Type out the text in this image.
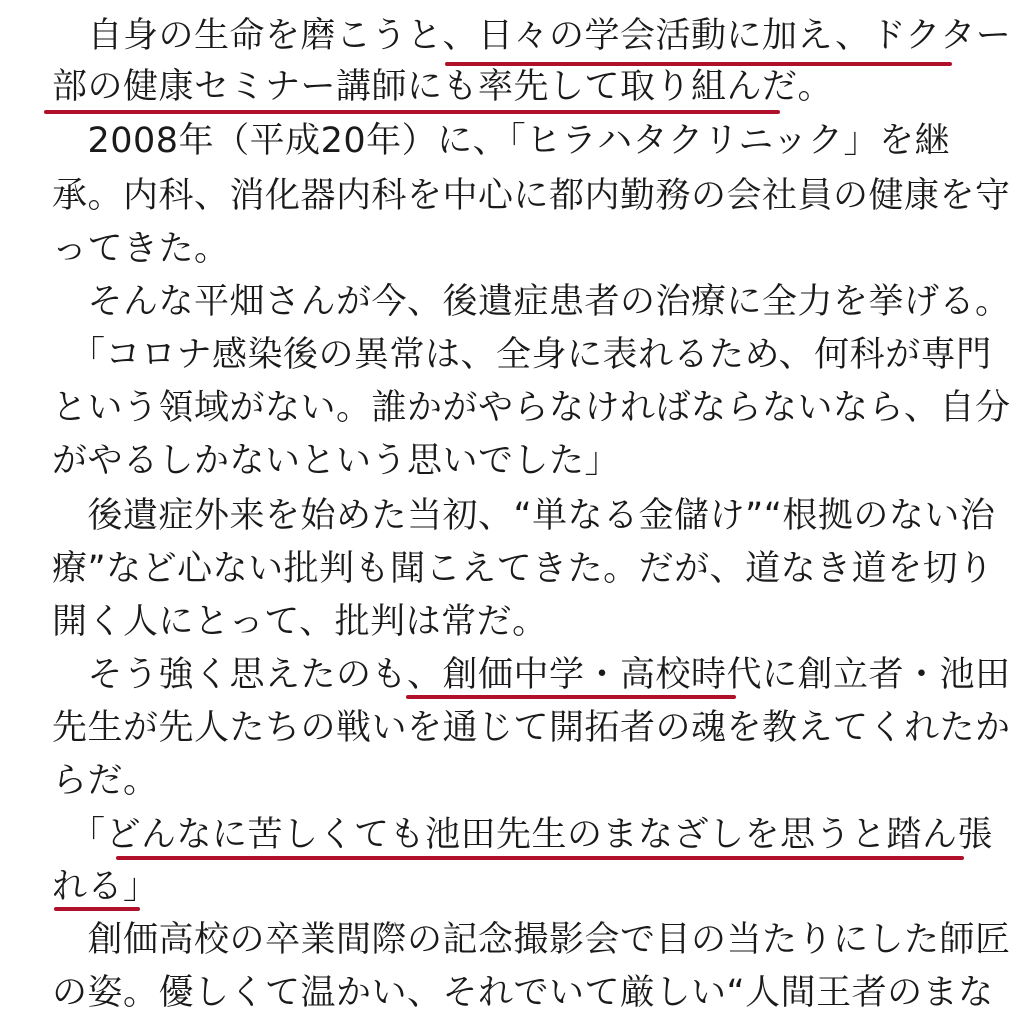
　自身の生命を磨こうと、日々の学会活動に加え、ドクター
部の健康セミナー講師にも率先して取り組んだ。
　2008年（平成20年）に、「ヒラハタクリニック」を継
承。内科、消化器内科を中心に都内勤務の会社員の健康を守
ってきた。
　そんな平畑さんが今、後遺症患者の治療に全力を挙げる。
　「コロナ感染後の異常は、全身に表れるため、何科が専門
という領域がない。誰かがやらなければならないなら、自分
がやるしかないという思いでした」
　後遺症外来を始めた当初、“単なる金儲け”“根拠のない治
療”など心ない批判も聞こえてきた。だが、道なき道を切り
開く人にとって、批判は常だ。
　そう強く思えたのも、創価中学・高校時代に創立者・池田
先生が先人たちの戦いを通じて開拓者の魂を教えてくれたか
らだ。
　「どんなに苦しくても池田先生のまなざしを思うと踏ん張
れる」
　創価高校の卒業間際の記念撮影会で目の当たりにした師匠
の姿。優しくて温かい、それでいて厳しい“人間王者のまな
